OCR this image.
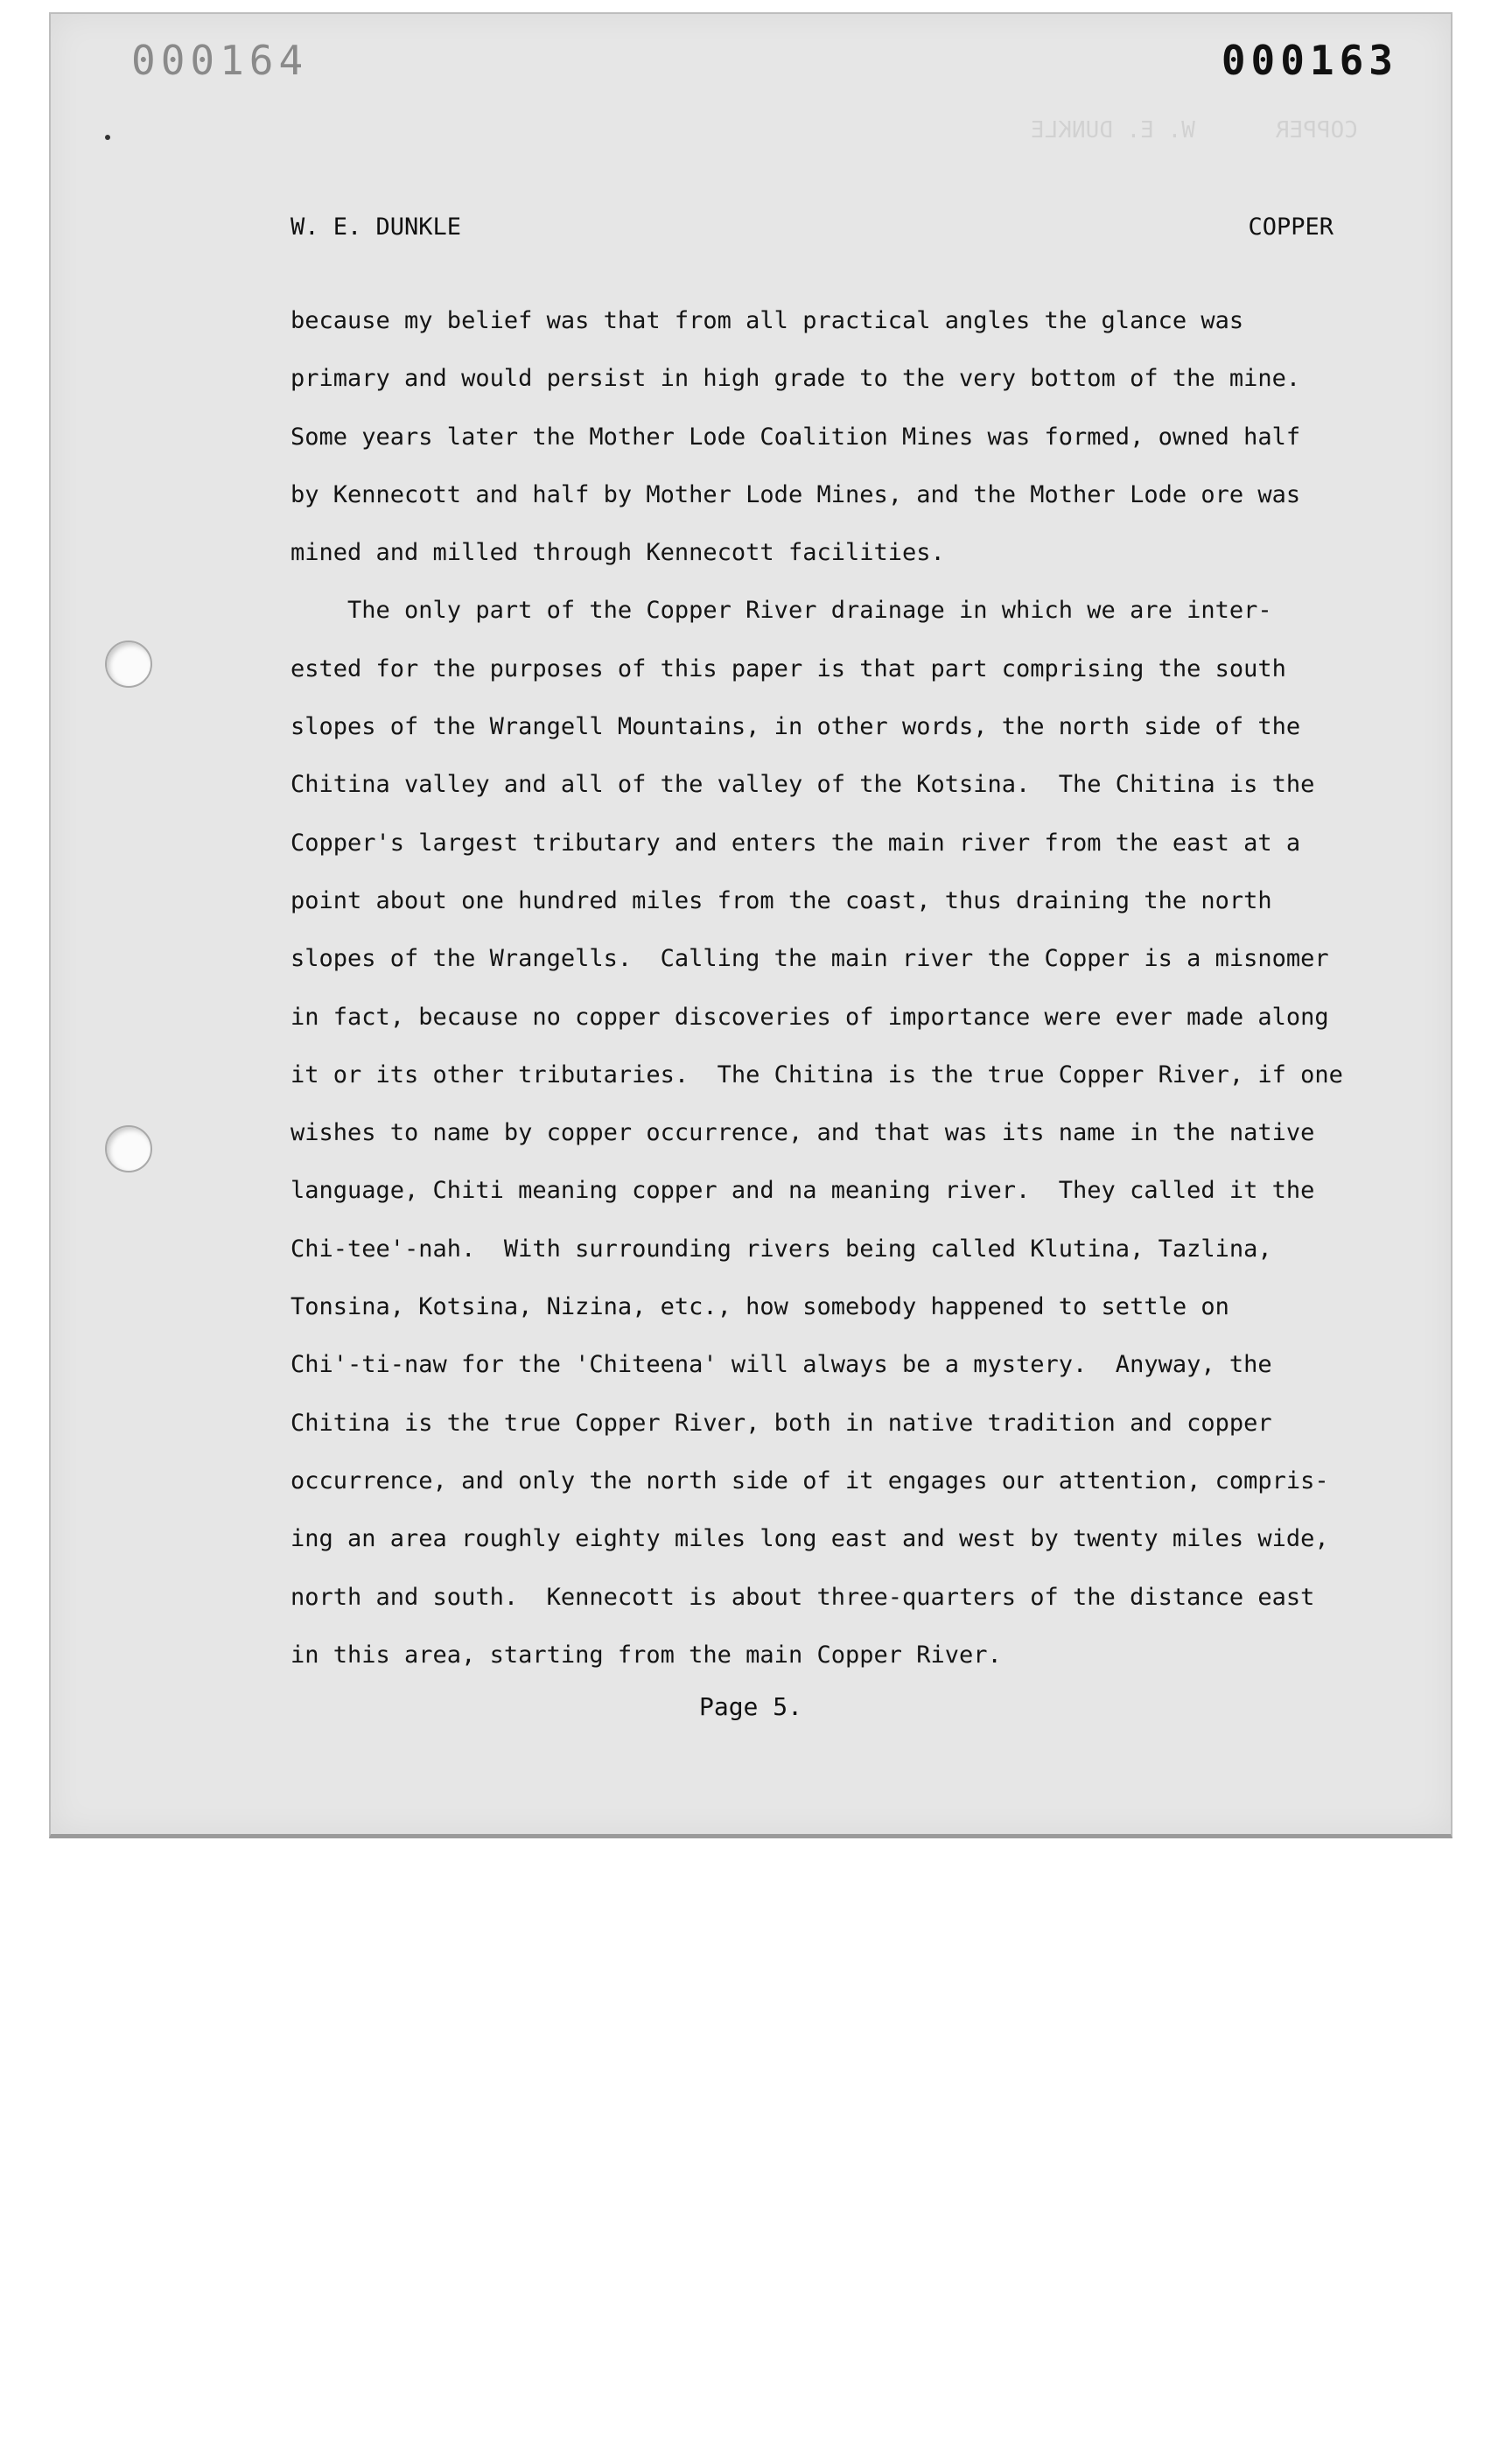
000164	000163
W. E. DUNKLE	COPPER
W. E. DUNKLE	COPPER
because my belief was that from all practical angles the glance was
primary and would persist in high grade to the very bottom of the mine.
Some years later the Mother Lode Coalition Mines was formed, owned half
by Kennecott and half by Mother Lode Mines, and the Mother Lode ore was
mined and milled through Kennecott facilities.
The only part of the Copper River drainage in which we are inter-
ested for the purposes of this paper is that part comprising the south
slopes of the Wrangell Mountains, in other words, the north side of the
Chitina valley and all of the valley of the Kotsina.  The Chitina is the
Copper's largest tributary and enters the main river from the east at a
point about one hundred miles from the coast, thus draining the north
slopes of the Wrangells.  Calling the main river the Copper is a misnomer
in fact, because no copper discoveries of importance were ever made along
it or its other tributaries.  The Chitina is the true Copper River, if one
wishes to name by copper occurrence, and that was its name in the native
language, Chiti meaning copper and na meaning river.  They called it the
Chi-tee'-nah.  With surrounding rivers being called Klutina, Tazlina,
Tonsina, Kotsina, Nizina, etc., how somebody happened to settle on
Chi'-ti-naw for the 'Chiteena' will always be a mystery.  Anyway, the
Chitina is the true Copper River, both in native tradition and copper
occurrence, and only the north side of it engages our attention, compris-
ing an area roughly eighty miles long east and west by twenty miles wide,
north and south.  Kennecott is about three-quarters of the distance east
in this area, starting from the main Copper River.
Page 5.
